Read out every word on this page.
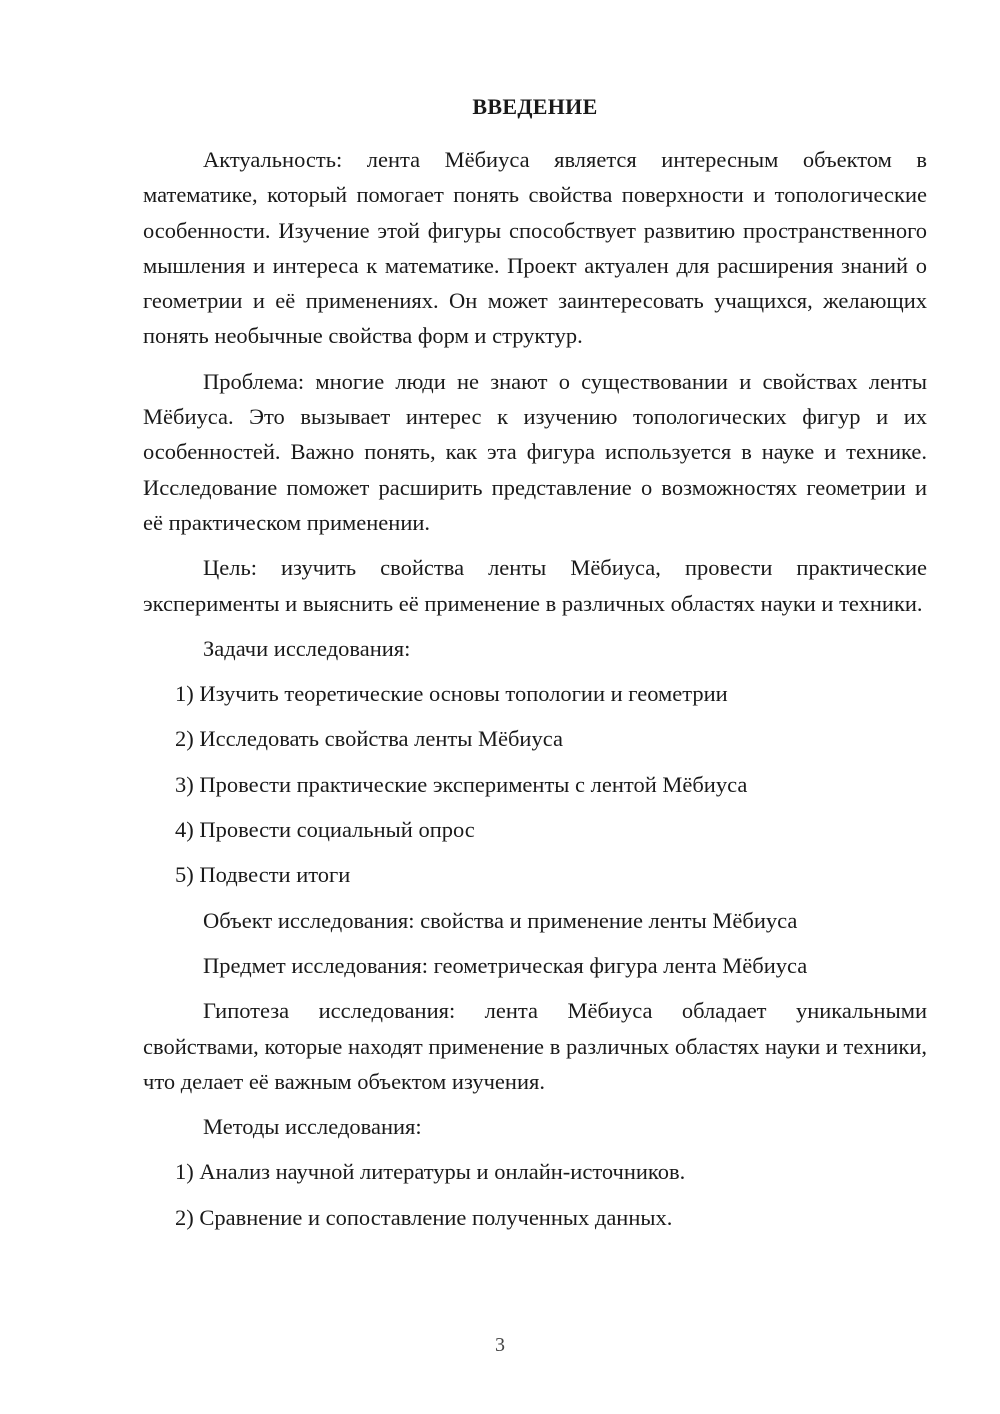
ВВЕДЕНИЕ

Актуальность: лента Мёбиуса является интересным объектом в математике, который помогает понять свойства поверхности и топологические особенности. Изучение этой фигуры способствует развитию пространственного мышления и интереса к математике. Проект актуален для расширения знаний о геометрии и её применениях. Он может заинтересовать учащихся, желающих понять необычные свойства форм и структур.

Проблема: многие люди не знают о существовании и свойствах ленты Мёбиуса. Это вызывает интерес к изучению топологических фигур и их особенностей. Важно понять, как эта фигура используется в науке и технике. Исследование поможет расширить представление о возможностях геометрии и её практическом применении.

Цель: изучить свойства ленты Мёбиуса, провести практические эксперименты и выяснить её применение в различных областях науки и техники.

Задачи исследования:

1) Изучить теоретические основы топологии и геометрии
2) Исследовать свойства ленты Мёбиуса
3) Провести практические эксперименты с лентой Мёбиуса
4) Провести социальный опрос
5) Подвести итоги

Объект исследования: свойства и применение ленты Мёбиуса

Предмет исследования: геометрическая фигура лента Мёбиуса

Гипотеза исследования: лента Мёбиуса обладает уникальными свойствами, которые находят применение в различных областях науки и техники, что делает её важным объектом изучения.

Методы исследования:

1) Анализ научной литературы и онлайн-источников.
2) Сравнение и сопоставление полученных данных.
3
